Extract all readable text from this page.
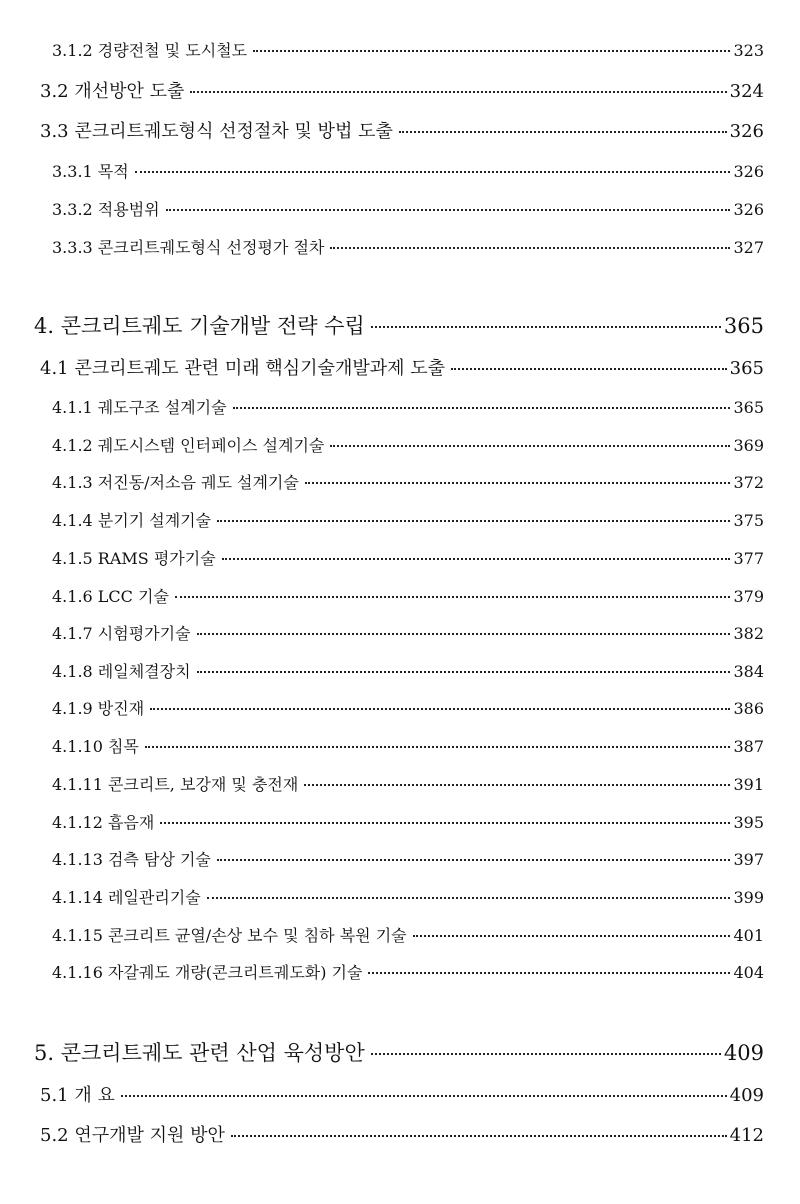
3.1.2 경량전철 및 도시철도	323
3.2 개선방안 도출	324
3.3 콘크리트궤도형식 선정절차 및 방법 도출	326
3.3.1 목적	326
3.3.2 적용범위	326
3.3.3 콘크리트궤도형식 선정평가 절차	327
4. 콘크리트궤도 기술개발 전략 수립	365
4.1 콘크리트궤도 관련 미래 핵심기술개발과제 도출	365
4.1.1 궤도구조 설계기술	365
4.1.2 궤도시스템 인터페이스 설계기술	369
4.1.3 저진동/저소음 궤도 설계기술	372
4.1.4 분기기 설계기술	375
4.1.5 RAMS 평가기술	377
4.1.6 LCC 기술	379
4.1.7 시험평가기술	382
4.1.8 레일체결장치	384
4.1.9 방진재	386
4.1.10 침목	387
4.1.11 콘크리트, 보강재 및 충전재	391
4.1.12 흡음재	395
4.1.13 검측 탐상 기술	397
4.1.14 레일관리기술	399
4.1.15 콘크리트 균열/손상 보수 및 침하 복원 기술	401
4.1.16 자갈궤도 개량(콘크리트궤도화) 기술	404
5. 콘크리트궤도 관련 산업 육성방안	409
5.1 개 요	409
5.2 연구개발 지원 방안	412
